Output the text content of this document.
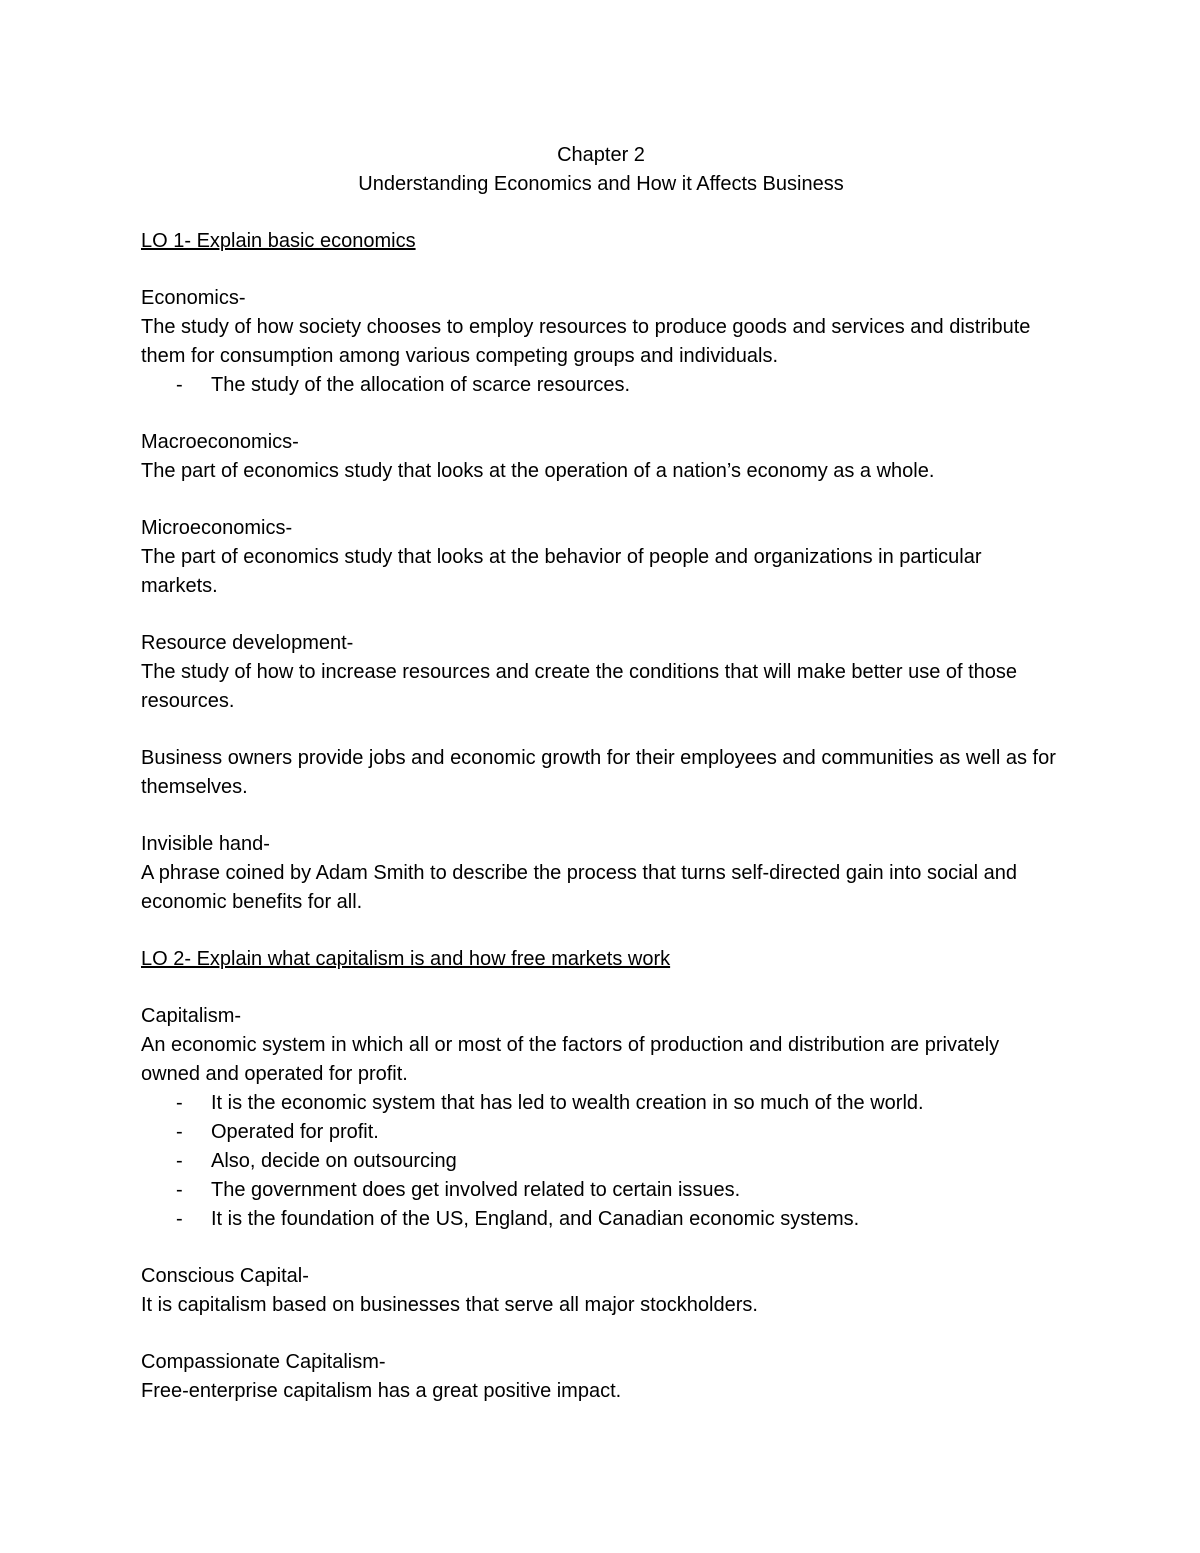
Chapter 2

Understanding Economics and How it Affects Business

LO 1- Explain basic economics

Economics-

The study of how society chooses to employ resources to produce goods and services and distribute them for consumption among various competing groups and individuals.

- The study of the allocation of scarce resources.

Macroeconomics-

The part of economics study that looks at the operation of a nation’s economy as a whole.

Microeconomics-

The part of economics study that looks at the behavior of people and organizations in particular markets.

Resource development-

The study of how to increase resources and create the conditions that will make better use of those resources.

Business owners provide jobs and economic growth for their employees and communities as well as for themselves.

Invisible hand-

A phrase coined by Adam Smith to describe the process that turns self-directed gain into social and economic benefits for all.

LO 2- Explain what capitalism is and how free markets work

Capitalism-

An economic system in which all or most of the factors of production and distribution are privately owned and operated for profit.

- It is the economic system that has led to wealth creation in so much of the world.
- Operated for profit.
- Also, decide on outsourcing
- The government does get involved related to certain issues.
- It is the foundation of the US, England, and Canadian economic systems.

Conscious Capital-

It is capitalism based on businesses that serve all major stockholders.

Compassionate Capitalism-

Free-enterprise capitalism has a great positive impact.
